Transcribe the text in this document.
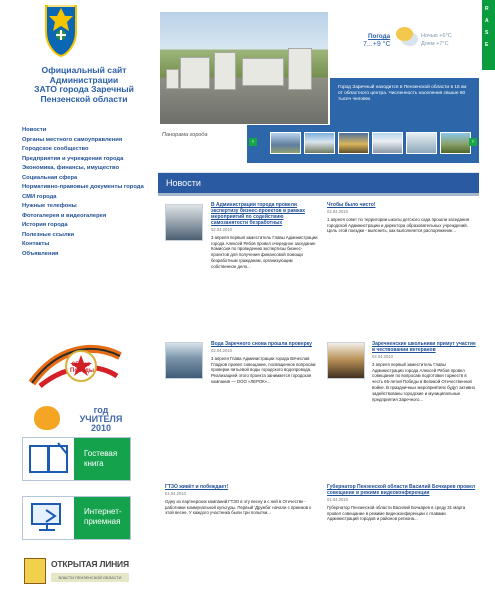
Официальный сайт
Администрации
ЗАТО города Заречный
Пензенской области
Новости
Органы местного самоуправления
Городское сообщество
Предприятия и учреждения города
Экономика, финансы, имущество
Социальная сфера
Нормативно-правовые документы города
СМИ города
Нужные телефоны
Фотогалерея и видеогалерея
История города
Полезные ссылки
Контакты
Объявления
Погода
7...+9 °С
Ночью +6°С
Днем +7°С
R
A
S
E
Город Заречный находится в Пензенской области в 15 км от областного центра. Численность населения свыше 60 тысяч человек
Панорама города
‹	›
Новости
В Администрации города провели экспертизу бизнес-проектов в рамках мероприятий по содействию самозанятости безработных
02.04.2010
3 апреля первый заместитель Главы Администрации города Алексей Рябов провел очередное заседание Комиссии по проведению экспертизы бизнес-проектов для получения финансовой помощи безработным гражданам, организующим собственное дело...
Чтобы было чисто!
02.04.2010
1 апреля совет по территории школы детского сада прошли заседания городской Администрации и директора образовательных учреждений. Цель этой поездки - выяснить, как выполняется распоряжение...
Вода Заречного снова прошла проверку
02.04.2010
3 апреля Глава Администрации города Вячеслав Гладков провел совещание, посвященное вопросам проверки питьевой воды городского водопровода. Реализацией этого проекта занимается городская компания — ООО «ЛЕРОК»...
Заречненские школьники примут участие в чествовании ветеранов
02.04.2010
3 апреля первый заместитель Главы Администрации города Алексей Рябов провел совещание по вопросам подготовки торжеств в честь 65-летия Победы в Великой Отечественной войне. В праздничных мероприятиях будут активно задействованы городские и муниципальные предприятия Заречного...
ГТЗО живёт и побеждает!
01.04.2010
Одну из партнерских компаний ГТЗО в эту весну и с ней в Отечестве - работники коммунальной культуры. Первый 'Дружба' начали с приемов к этой весне. У каждого участника были три попытки...
Губернатор Пензенской области Василий Бочкарев провел совещание в режиме видеоконференции
01.04.2010
Губернатор Пензенской области Василий Бочкарев в среду 31 марта провел совещание в режиме видеоконференции с главами Администраций городов и районов региона...
65 лет Победы
год УЧИТЕЛЯ 2010
Гостевая книга
Интернет-приемная
ОТКРЫТАЯ ЛИНИЯ
ВЛАСТИ ПЕНЗЕНСКОЙ ОБЛАСТИ
